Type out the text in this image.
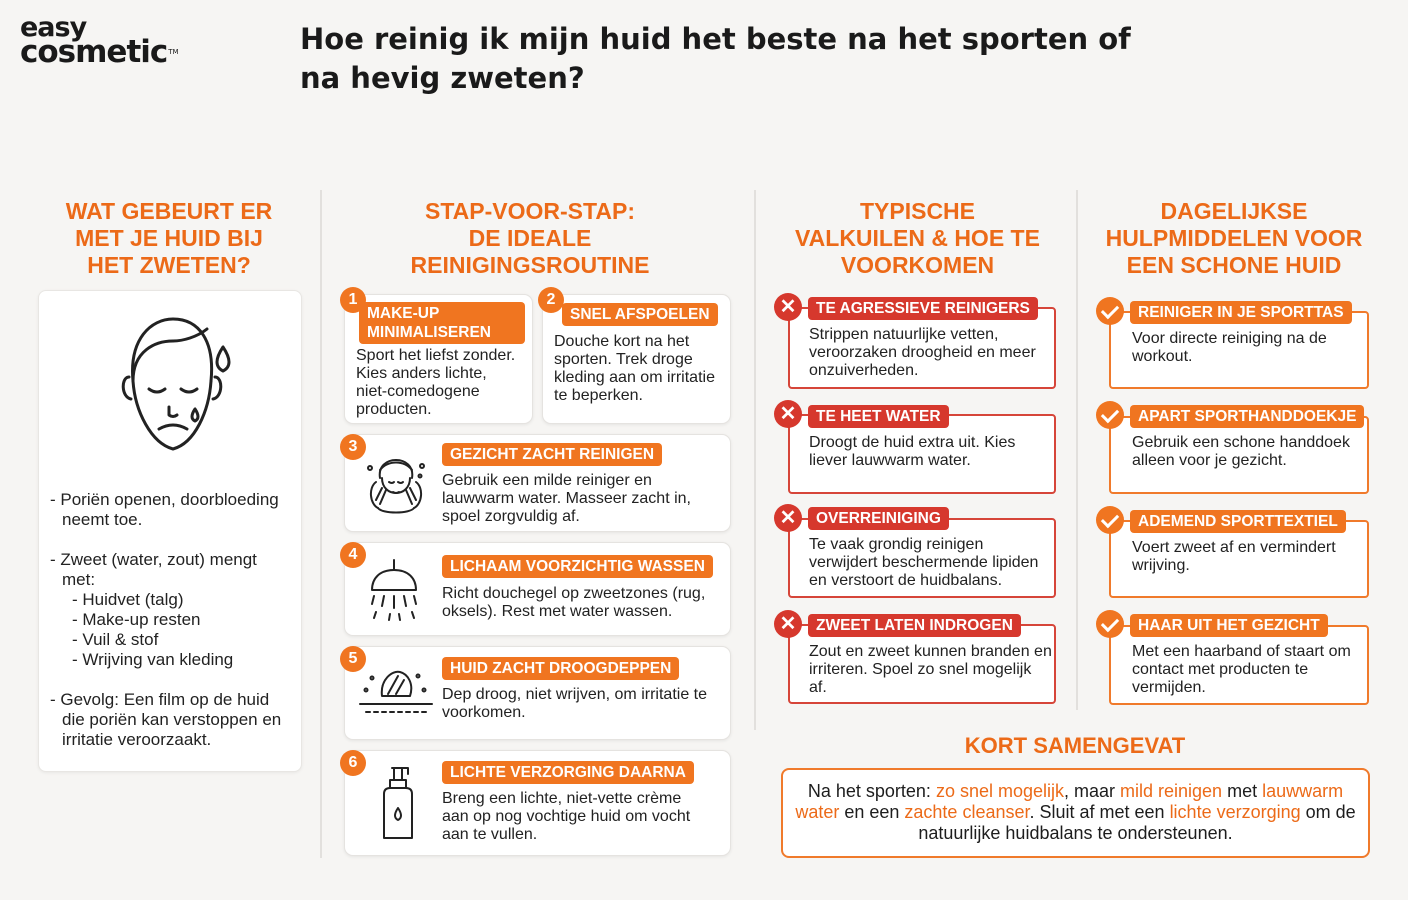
easy
cosmetic™	Hoe reinig ik mijn huid het beste na het sporten of na hevig zweten?
WAT GEBEURT ER
MET JE HUID BIJ
HET ZWETEN?
- Poriën openen, doorbloeding
neemt toe.
- Zweet (water, zout) mengt
met:
- Huidvet (talg)
- Make-up resten
- Vuil & stof
- Wrijving van kleding
- Gevolg: Een film op de huid
die poriën kan verstoppen en
irritatie veroorzaakt.
STAP-VOOR-STAP:
DE IDEALE
REINIGINGSROUTINE
1
MAKE-UP
MINIMALISEREN
Sport het liefst zonder.
Kies anders lichte,
niet-comedogene
producten.
2
SNEL AFSPOELEN
Douche kort na het
sporten. Trek droge
kleding aan om irritatie
te beperken.
3	GEZICHT ZACHT REINIGEN
Gebruik een milde reiniger en
lauwwarm water. Masseer zacht in,
spoel zorgvuldig af.
4
LICHAAM VOORZICHTIG WASSEN
Richt douchegel op zweetzones (rug,
oksels). Rest met water wassen.
5
HUID ZACHT DROOGDEPPEN
Dep droog, niet wrijven, om irritatie te
voorkomen.
6
LICHTE VERZORGING DAARNA
Breng een lichte, niet-vette crème
aan op nog vochtige huid om vocht
aan te vullen.
TYPISCHE
VALKUILEN & HOE TE
VOORKOMEN
✕	TE AGRESSIEVE REINIGERS
Strippen natuurlijke vetten,
veroorzaken droogheid en meer
onzuiverheden.
✕	TE HEET WATER
Droogt de huid extra uit. Kies
liever lauwwarm water.
✕	OVERREINIGING
Te vaak grondig reinigen
verwijdert beschermende lipiden
en verstoort de huidbalans.
✕	ZWEET LATEN INDROGEN
Zout en zweet kunnen branden en
irriteren. Spoel zo snel mogelijk
af.
DAGELIJKSE
HULPMIDDELEN VOOR
EEN SCHONE HUID
REINIGER IN JE SPORTTAS
Voor directe reiniging na de
workout.
APART SPORTHANDDOEKJE
Gebruik een schone handdoek
alleen voor je gezicht.
ADEMEND SPORTTEXTIEL
Voert zweet af en vermindert
wrijving.
HAAR UIT HET GEZICHT
Met een haarband of staart om
contact met producten te
vermijden.
KORT SAMENGEVAT
Na het sporten: zo snel mogelijk, maar mild reinigen met lauwwarm water en een zachte cleanser. Sluit af met een lichte verzorging om de natuurlijke huidbalans te ondersteunen.
